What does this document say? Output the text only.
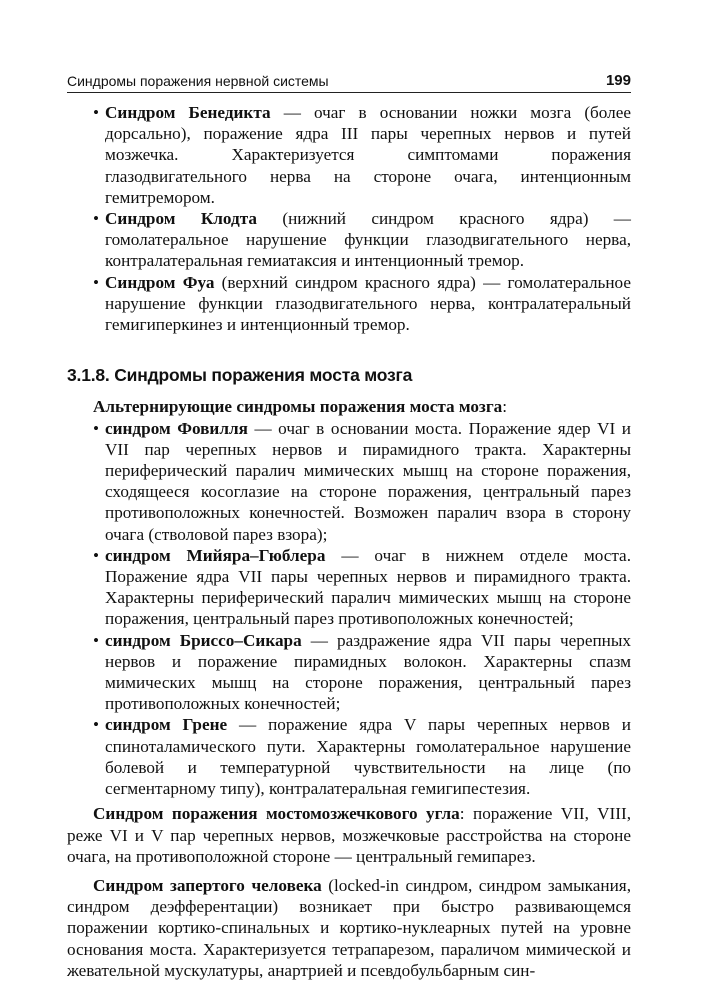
Синдромы поражения нервной системы	199

• Синдром Бенедикта — очаг в основании ножки мозга (более дорсально), поражение ядра III пары черепных нервов и путей мозжечка. Характеризуется симптомами поражения глазодвигательного нерва на стороне очага, интенционным гемитремором.

• Синдром Клодта (нижний синдром красного ядра) — гомолатеральное нарушение функции глазодвигательного нерва, контралатеральная гемиатаксия и интенционный тремор.

• Синдром Фуа (верхний синдром красного ядра) — гомолатеральное нарушение функции глазодвигательного нерва, контралатеральный гемигиперкинез и интенционный тремор.

3.1.8. Синдромы поражения моста мозга

Альтернирующие синдромы поражения моста мозга:

• синдром Фовилля — очаг в основании моста. Поражение ядер VI и VII пар черепных нервов и пирамидного тракта. Характерны периферический паралич мимических мышц на стороне поражения, сходящееся косоглазие на стороне поражения, центральный парез противоположных конечностей. Возможен паралич взора в сторону очага (стволовой парез взора);

• синдром Мийяра–Гюблера — очаг в нижнем отделе моста. Поражение ядра VII пары черепных нервов и пирамидного тракта. Характерны периферический паралич мимических мышц на стороне поражения, центральный парез противоположных конечностей;

• синдром Бриссо–Сикара — раздражение ядра VII пары черепных нервов и поражение пирамидных волокон. Характерны спазм мимических мышц на стороне поражения, центральный парез противоположных конечностей;

• синдром Грене — поражение ядра V пары черепных нервов и спиноталамического пути. Характерны гомолатеральное нарушение болевой и температурной чувствительности на лице (по сегментарному типу), контралатеральная гемигипестезия.

Синдром поражения мостомозжечкового угла: поражение VII, VIII, реже VI и V пар черепных нервов, мозжечковые расстройства на стороне очага, на противоположной стороне — центральный гемипарез.

Синдром запертого человека (locked-in синдром, синдром замыкания, синдром деэфферентации) возникает при быстро развивающемся поражении кортико-спинальных и кортико-нуклеарных путей на уровне основания моста. Характеризуется тетрапарезом, параличом мимической и жевательной мускулатуры, анартрией и псевдобульбарным син-
